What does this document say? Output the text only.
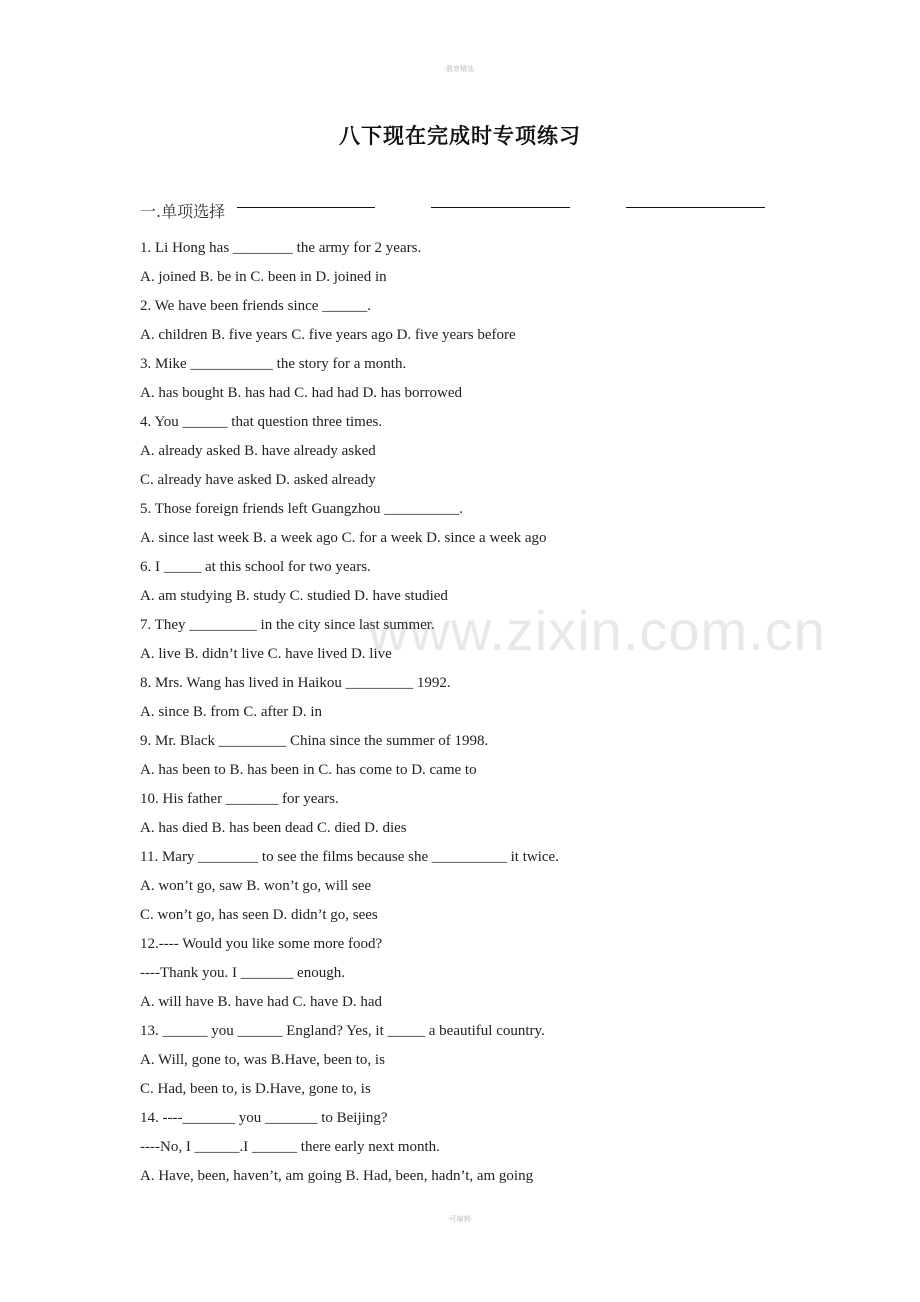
·教育精选·
八下现在完成时专项练习
一.单项选择
1. Li Hong has ________ the army for 2 years.
A. joined B. be in C. been in D. joined in
2. We have been friends since ______.
A. children B. five years C. five years ago D. five years before
3. Mike ___________ the story for a month.
A. has bought B. has had C. had had D. has borrowed
4. You ______ that question three times.
A. already asked B. have already asked
C. already have asked D. asked already
5. Those foreign friends left Guangzhou __________.
A. since last week B. a week ago C. for a week D. since a week ago
6. I _____ at this school for two years.
A. am studying B. study C. studied D. have studied
7. They _________ in the city since last summer.
A. live B. didn’t live C. have lived D. live
8. Mrs. Wang has lived in Haikou _________ 1992.
A. since B. from C. after D. in
9. Mr. Black _________ China since the summer of 1998.
A. has been to B. has been in C. has come to D. came to
10. His father _______ for years.
A. has died B. has been dead C. died D. dies
11. Mary ________ to see the films because she __________ it twice.
A. won’t go, saw B. won’t go, will see
C. won’t go, has seen D. didn’t go, sees
12.---- Would you like some more food?
----Thank you. I _______ enough.
A. will have B. have had C. have D. had
13. ______ you ______ England? Yes, it _____ a beautiful country.
A. Will, gone to, was B.Have, been to, is
C. Had, been to, is D.Have, gone to, is
14. ----_______ you _______ to Beijing?
----No, I ______.I ______ there early next month.
A. Have, been, haven’t, am going B. Had, been, hadn’t, am going
www.zixin.com.cn
·可编辑·
